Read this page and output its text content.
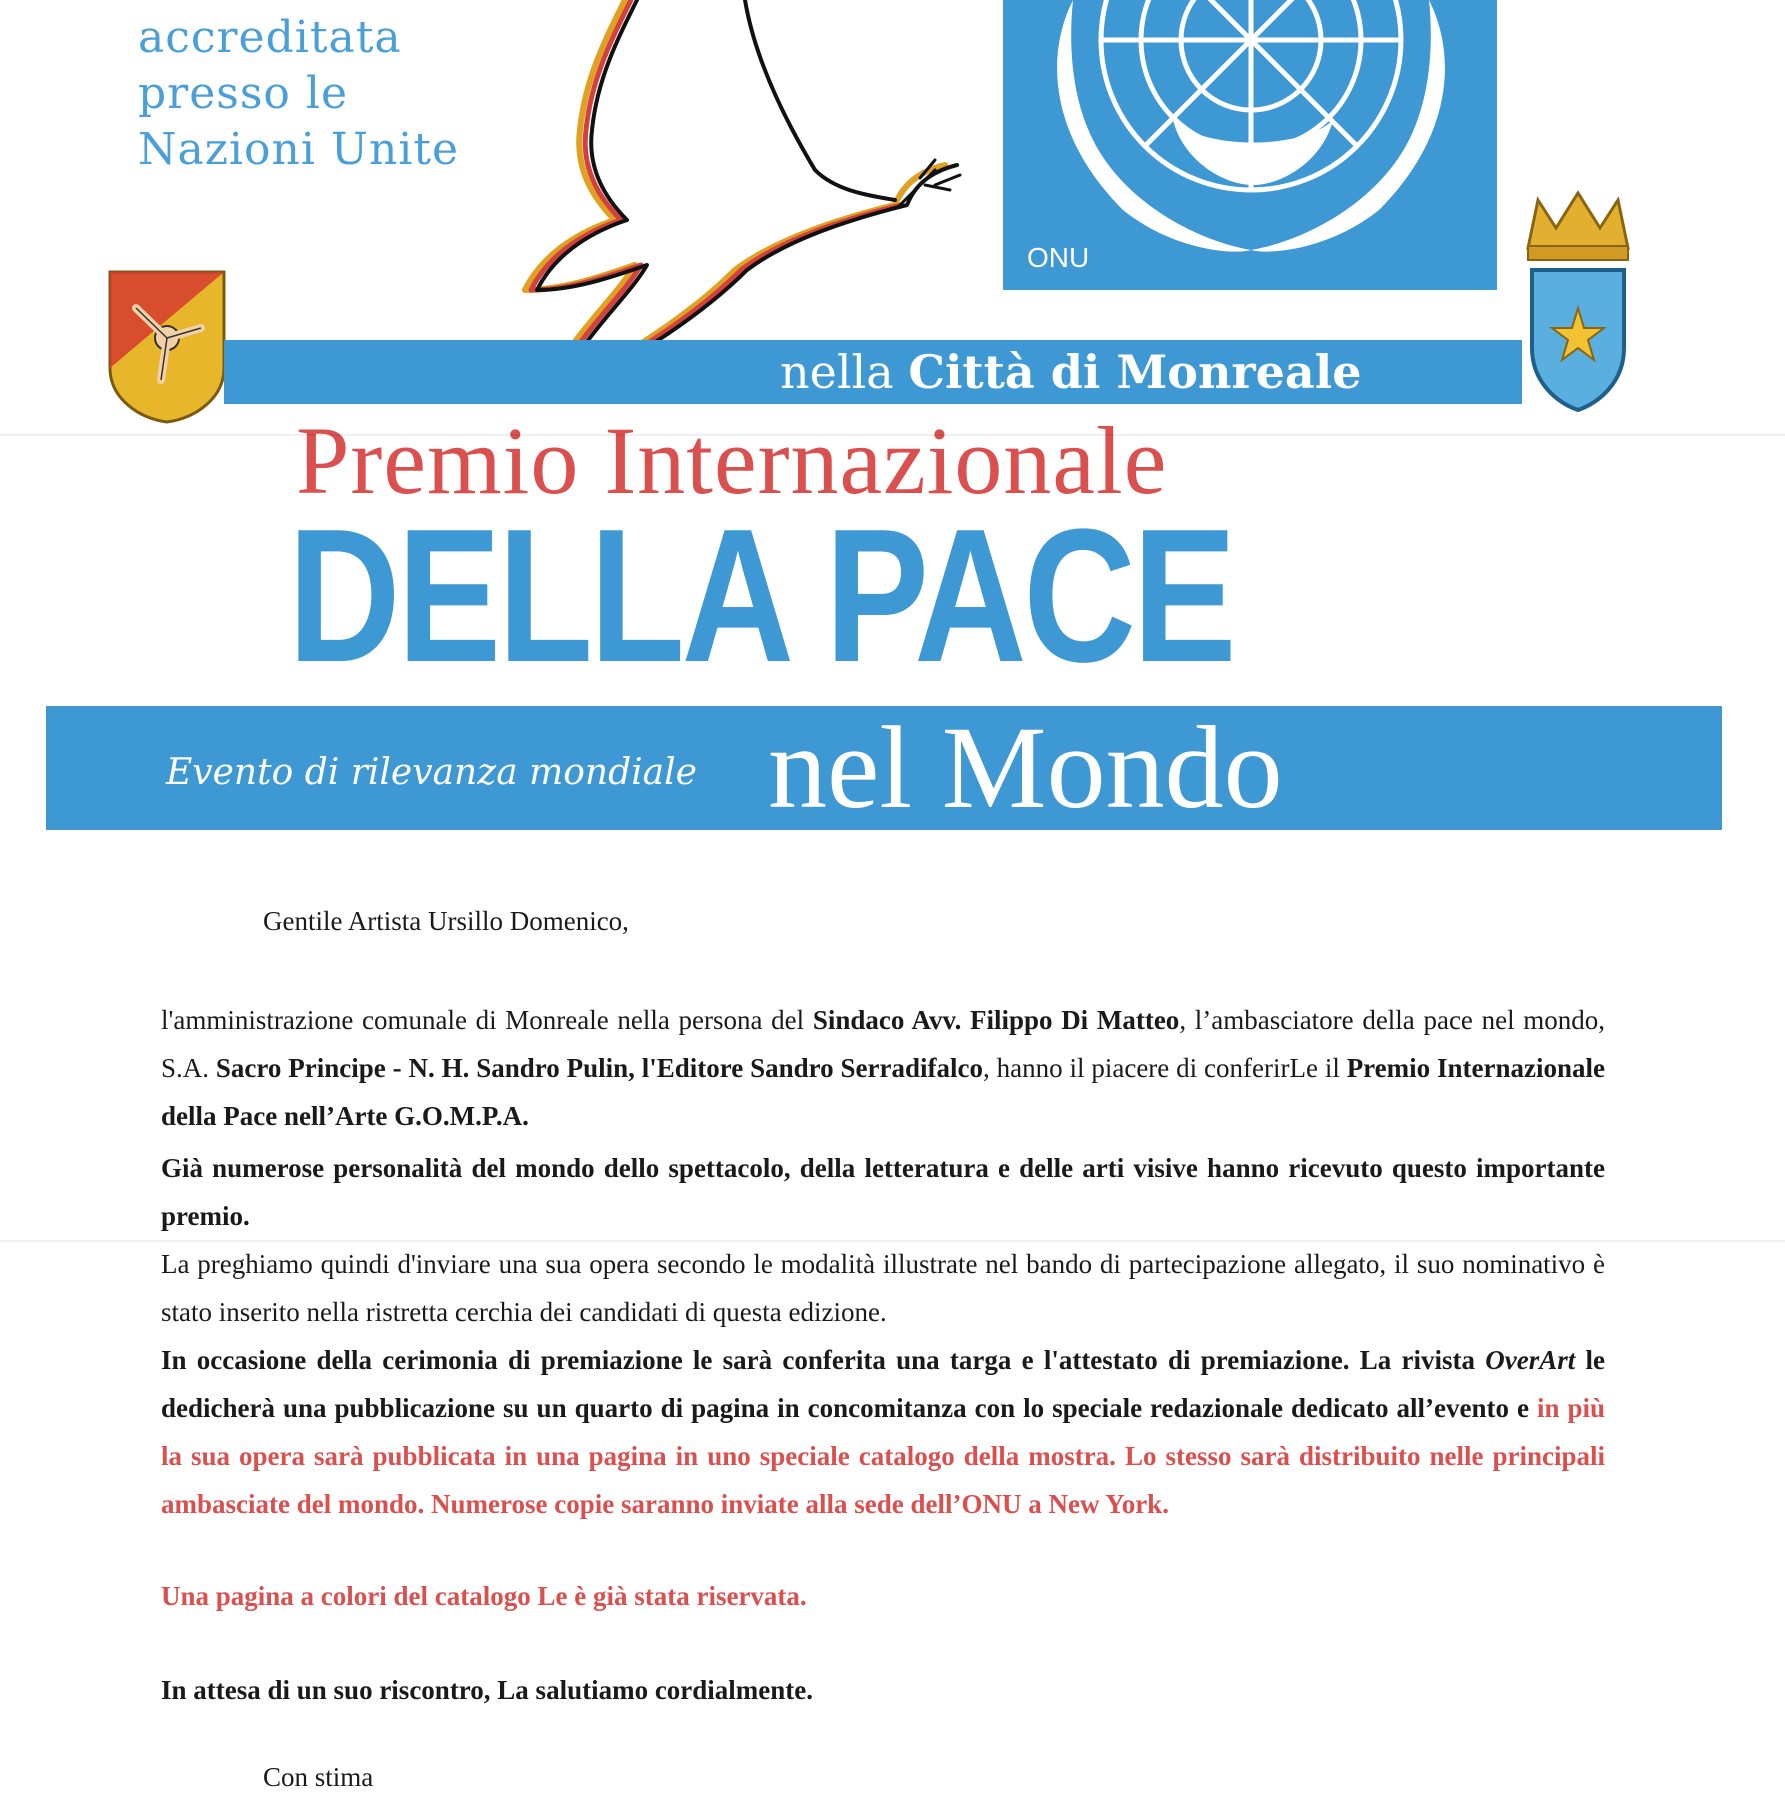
accreditata
presso le
Nazioni Unite
ONU
nella Città di Monreale
Premio Internazionale
DELLA PACE
Evento di rilevanza mondiale nel Mondo
Gentile Artista Ursillo Domenico,
l'amministrazione comunale di Monreale nella persona del Sindaco Avv. Filippo Di Matteo, l’ambasciatore della pace nel mondo, S.A. Sacro Principe - N. H. Sandro Pulin, l'Editore Sandro Serradifalco, hanno il piacere di conferirLe il Premio Internazionale della Pace nell’Arte G.O.M.P.A.
Già numerose personalità del mondo dello spettacolo, della letteratura e delle arti visive hanno ricevuto questo importante premio.
La preghiamo quindi d'inviare una sua opera secondo le modalità illustrate nel bando di partecipazione allegato, il suo nominativo è stato inserito nella ristretta cerchia dei candidati di questa edizione.
In occasione della cerimonia di premiazione le sarà conferita una targa e l'attestato di premiazione. La rivista OverArt le dedicherà una pubblicazione su un quarto di pagina in concomitanza con lo speciale redazionale dedicato all’evento e in più la sua opera sarà pubblicata in una pagina in uno speciale catalogo della mostra. Lo stesso sarà distribuito nelle principali ambasciate del mondo. Numerose copie saranno inviate alla sede dell’ONU a New York.
Una pagina a colori del catalogo Le è già stata riservata.
In attesa di un suo riscontro, La salutiamo cordialmente.
Con stima
